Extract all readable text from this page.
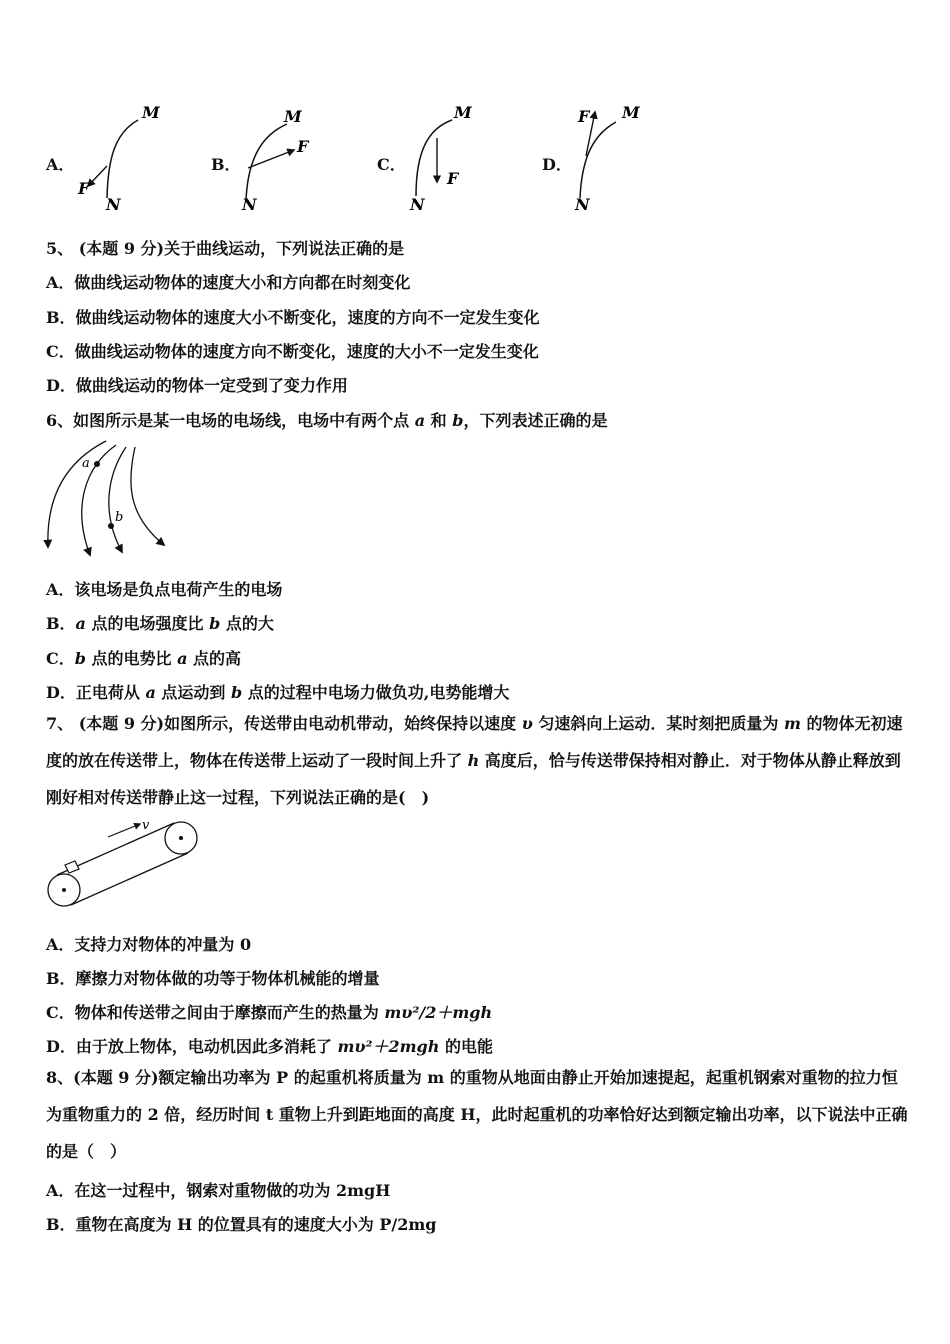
A．
M
N
F
B．
M
N
F
C．
M
N
F
D．
M
N
F
5、 (本题 9 分)关于曲线运动，下列说法正确的是
A．做曲线运动物体的速度大小和方向都在时刻变化
B．做曲线运动物体的速度大小不断变化，速度的方向不一定发生变化
C．做曲线运动物体的速度方向不断变化，速度的大小不一定发生变化
D．做曲线运动的物体一定受到了变力作用
6、如图所示是某一电场的电场线，电场中有两个点 a 和 b，下列表述正确的是
a
b
A．该电场是负点电荷产生的电场
B．a 点的电场强度比 b 点的大
C．b 点的电势比 a 点的高
D．正电荷从 a 点运动到 b 点的过程中电场力做负功,电势能增大
7、 (本题 9 分)如图所示，传送带由电动机带动，始终保持以速度 υ 匀速斜向上运动．某时刻把质量为 m 的物体无初速度的放在传送带上，物体在传送带上运动了一段时间上升了 h 高度后，恰与传送带保持相对静止．对于物体从静止释放到刚好相对传送带静止这一过程，下列说法正确的是(　)
v
A．支持力对物体的冲量为 0
B．摩擦力对物体做的功等于物体机械能的增量
C．物体和传送带之间由于摩擦而产生的热量为 mυ²/2＋mgh
D．由于放上物体，电动机因此多消耗了 mυ²＋2mgh 的电能
8、(本题 9 分)额定输出功率为 P 的起重机将质量为 m 的重物从地面由静止开始加速提起，起重机钢索对重物的拉力恒为重物重力的 2 倍，经历时间 t 重物上升到距地面的高度 H，此时起重机的功率恰好达到额定输出功率，以下说法中正确的是（　）
A．在这一过程中，钢索对重物做的功为 2mgH
B．重物在高度为 H 的位置具有的速度大小为 P/2mg
